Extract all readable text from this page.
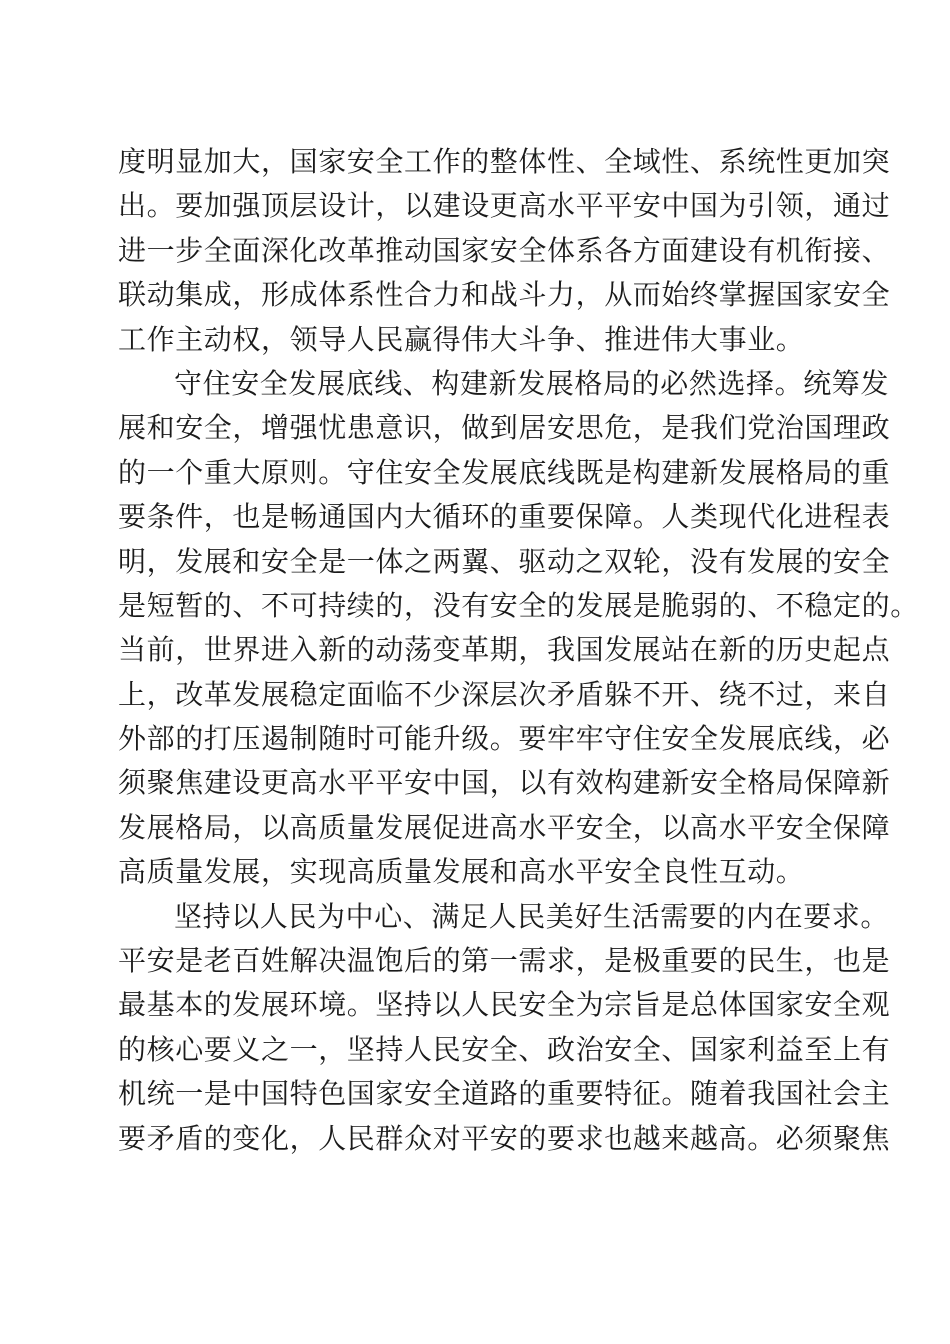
度明显加大，国家安全工作的整体性、全域性、系统性更加突
出。要加强顶层设计，以建设更高水平平安中国为引领，通过
进一步全面深化改革推动国家安全体系各方面建设有机衔接、
联动集成，形成体系性合力和战斗力，从而始终掌握国家安全
工作主动权，领导人民赢得伟大斗争、推进伟大事业。
守住安全发展底线、构建新发展格局的必然选择。统筹发
展和安全，增强忧患意识，做到居安思危，是我们党治国理政
的一个重大原则。守住安全发展底线既是构建新发展格局的重
要条件，也是畅通国内大循环的重要保障。人类现代化进程表
明，发展和安全是一体之两翼、驱动之双轮，没有发展的安全
是短暂的、不可持续的，没有安全的发展是脆弱的、不稳定的。
当前，世界进入新的动荡变革期，我国发展站在新的历史起点
上，改革发展稳定面临不少深层次矛盾躲不开、绕不过，来自
外部的打压遏制随时可能升级。要牢牢守住安全发展底线，必
须聚焦建设更高水平平安中国，以有效构建新安全格局保障新
发展格局，以高质量发展促进高水平安全，以高水平安全保障
高质量发展，实现高质量发展和高水平安全良性互动。
坚持以人民为中心、满足人民美好生活需要的内在要求。
平安是老百姓解决温饱后的第一需求，是极重要的民生，也是
最基本的发展环境。坚持以人民安全为宗旨是总体国家安全观
的核心要义之一，坚持人民安全、政治安全、国家利益至上有
机统一是中国特色国家安全道路的重要特征。随着我国社会主
要矛盾的变化，人民群众对平安的要求也越来越高。必须聚焦
